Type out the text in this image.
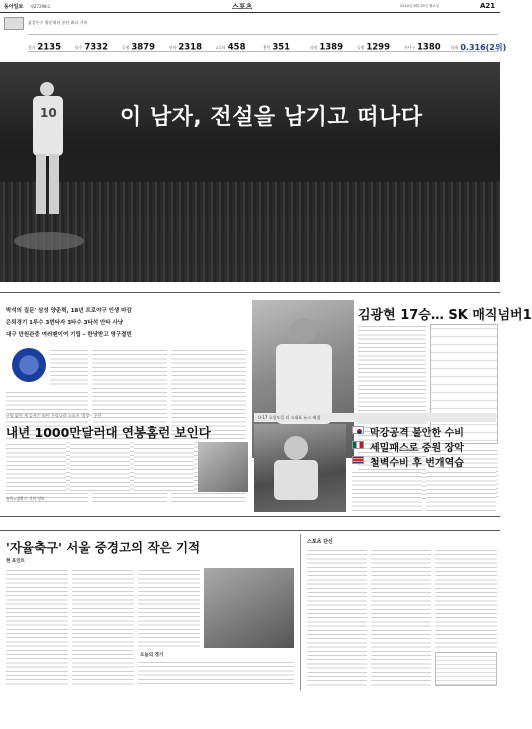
동아일보 제27298호	스포츠	2010년 8월 29일 월요일	A21
삼성투수 양준혁의 통산 최다 기록
경기 2135	타수 7332	득점 3879	안타 2318	2루타 458	홈런 351	타점 1389	득점 1299	사사구 1380	타율 0.316(2위)
이 남자, 전설을 남기고 떠나다
10
박석의 질문' 삼성 양준혁, 18년 프로야구 인생 마감
은퇴경기 1루수 3번타자 3타수 3타석 안타 사냥
대구 만원관중 여러팬이여 기립 – 한당받고 영구결번
김광현 17승… SK 매직넘버1
구멍 뚫린 세 듬사는 뛰어 우리나라 스포츠 '희망'– 우산
내년 1000만달러대 연봉홈런 보인다
뉴욕=장환수 기자 정보
U-17 호랑도일 리 소대표 뉴스 배경
막강공격 불안한 수비
세밀패스로 중원 장악
철벽수비 후 번개역습
'자율축구' 서울 중경고의 작은 기적
현 포인트
오늘의 경기
스포츠 단신
